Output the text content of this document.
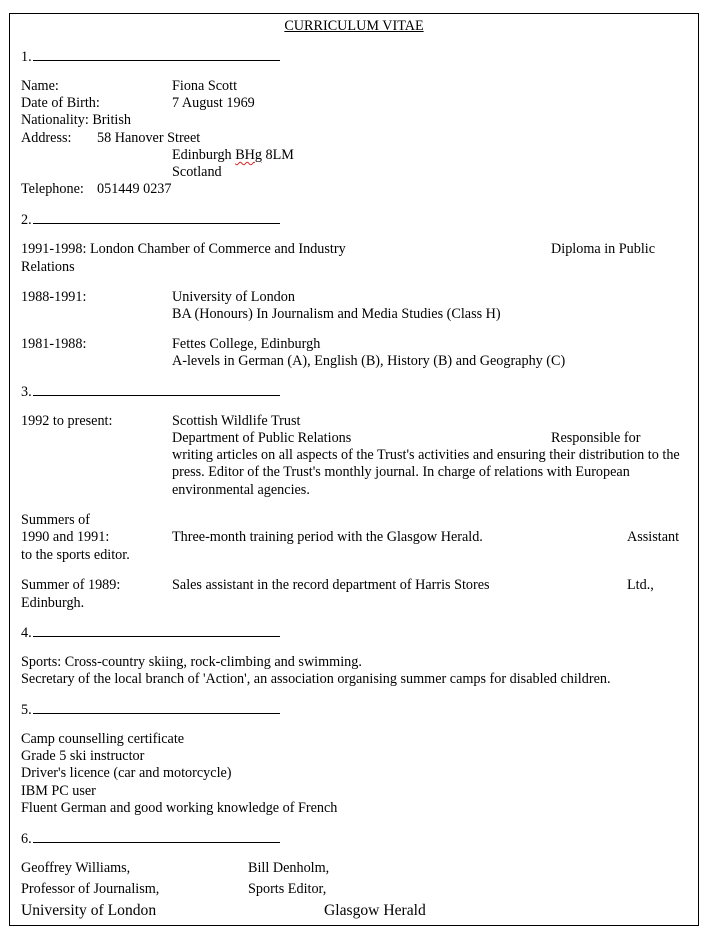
CURRICULUM VITAE
1.
Name:	Fiona Scott
Date of Birth:	7 August 1969
Nationality: British
Address: 58 Hanover Street
Edinburgh BHg 8LM
Scotland
Telephone: 051449 0237
2.
1991-1998: London Chamber of Commerce and Industry	Diploma in Public
Relations
1988-1991:	University of London
BA (Honours) In Journalism and Media Studies (Class H)
1981-1988:	Fettes College, Edinburgh
A-levels in German (A), English (B), History (B) and Geography (C)
3.
1992 to present:	Scottish Wildlife Trust
Department of Public Relations	Responsible for
writing articles on all aspects of the Trust's activities and ensuring their distribution to the press. Editor of the Trust's monthly journal. In charge of relations with European environmental agencies.
Summers of
1990 and 1991:	Three-month training period with the Glasgow Herald.	Assistant
to the sports editor.
Summer of 1989:	Sales assistant in the record department of Harris Stores	Ltd.,
Edinburgh.
4.
Sports: Cross-country skiing, rock-climbing and swimming.
Secretary of the local branch of 'Action', an association organising summer camps for disabled children.
5.
Camp counselling certificate
Grade 5 ski instructor
Driver's licence (car and motorcycle)
IBM PC user
Fluent German and good working knowledge of French
6.
Geoffrey Williams,	Bill Denholm,
Professor of Journalism,	Sports Editor,
University of London	Glasgow Herald
